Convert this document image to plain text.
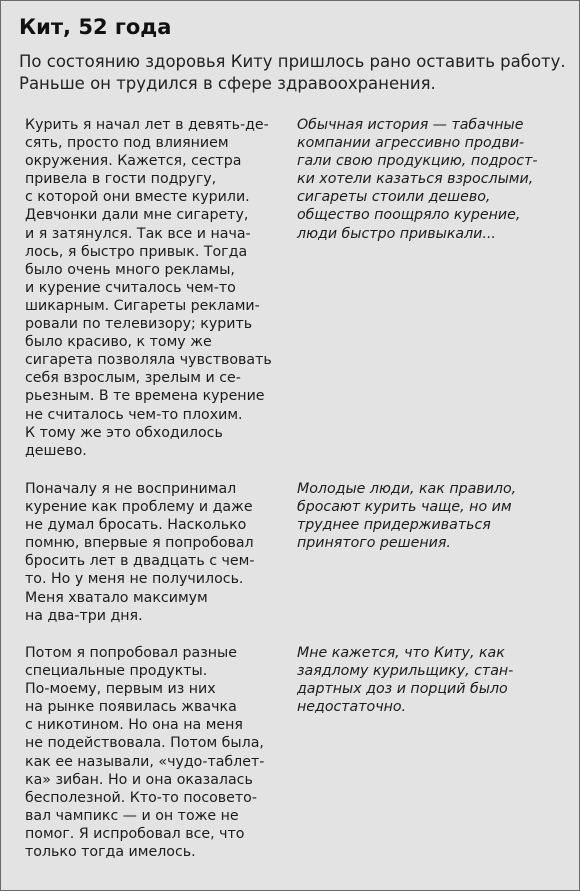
Кит, 52 года
По состоянию здоровья Киту пришлось рано оставить работу.
Раньше он трудился в сфере здравоохранения.
Курить я начал лет в девять-де-
сять, просто под влиянием
окружения. Кажется, сестра
привела в гости подругу,
с которой они вместе курили.
Девчонки дали мне сигарету,
и я затянулся. Так все и нача-
лось, я быстро привык. Тогда
было очень много рекламы,
и курение считалось чем-то
шикарным. Сигареты реклами-
ровали по телевизору; курить
было красиво, к тому же
сигарета позволяла чувствовать
себя взрослым, зрелым и се-
рьезным. В те времена курение
не считалось чем-то плохим.
К тому же это обходилось
дешево.
Обычная история — табачные
компании агрессивно продви-
гали свою продукцию, подрост-
ки хотели казаться взрослыми,
сигареты стоили дешево,
общество поощряло курение,
люди быстро привыкали...
Поначалу я не воспринимал
курение как проблему и даже
не думал бросать. Насколько
помню, впервые я попробовал
бросить лет в двадцать с чем-
то. Но у меня не получилось.
Меня хватало максимум
на два-три дня.
Молодые люди, как правило,
бросают курить чаще, но им
труднее придерживаться
принятого решения.
Потом я попробовал разные
специальные продукты.
По-моему, первым из них
на рынке появилась жвачка
с никотином. Но она на меня
не подействовала. Потом была,
как ее называли, «чудо-таблет-
ка» зибан. Но и она оказалась
бесполезной. Кто-то посовето-
вал чампикс — и он тоже не
помог. Я испробовал все, что
только тогда имелось.
Мне кажется, что Киту, как
заядлому курильщику, стан-
дартных доз и порций было
недостаточно.
